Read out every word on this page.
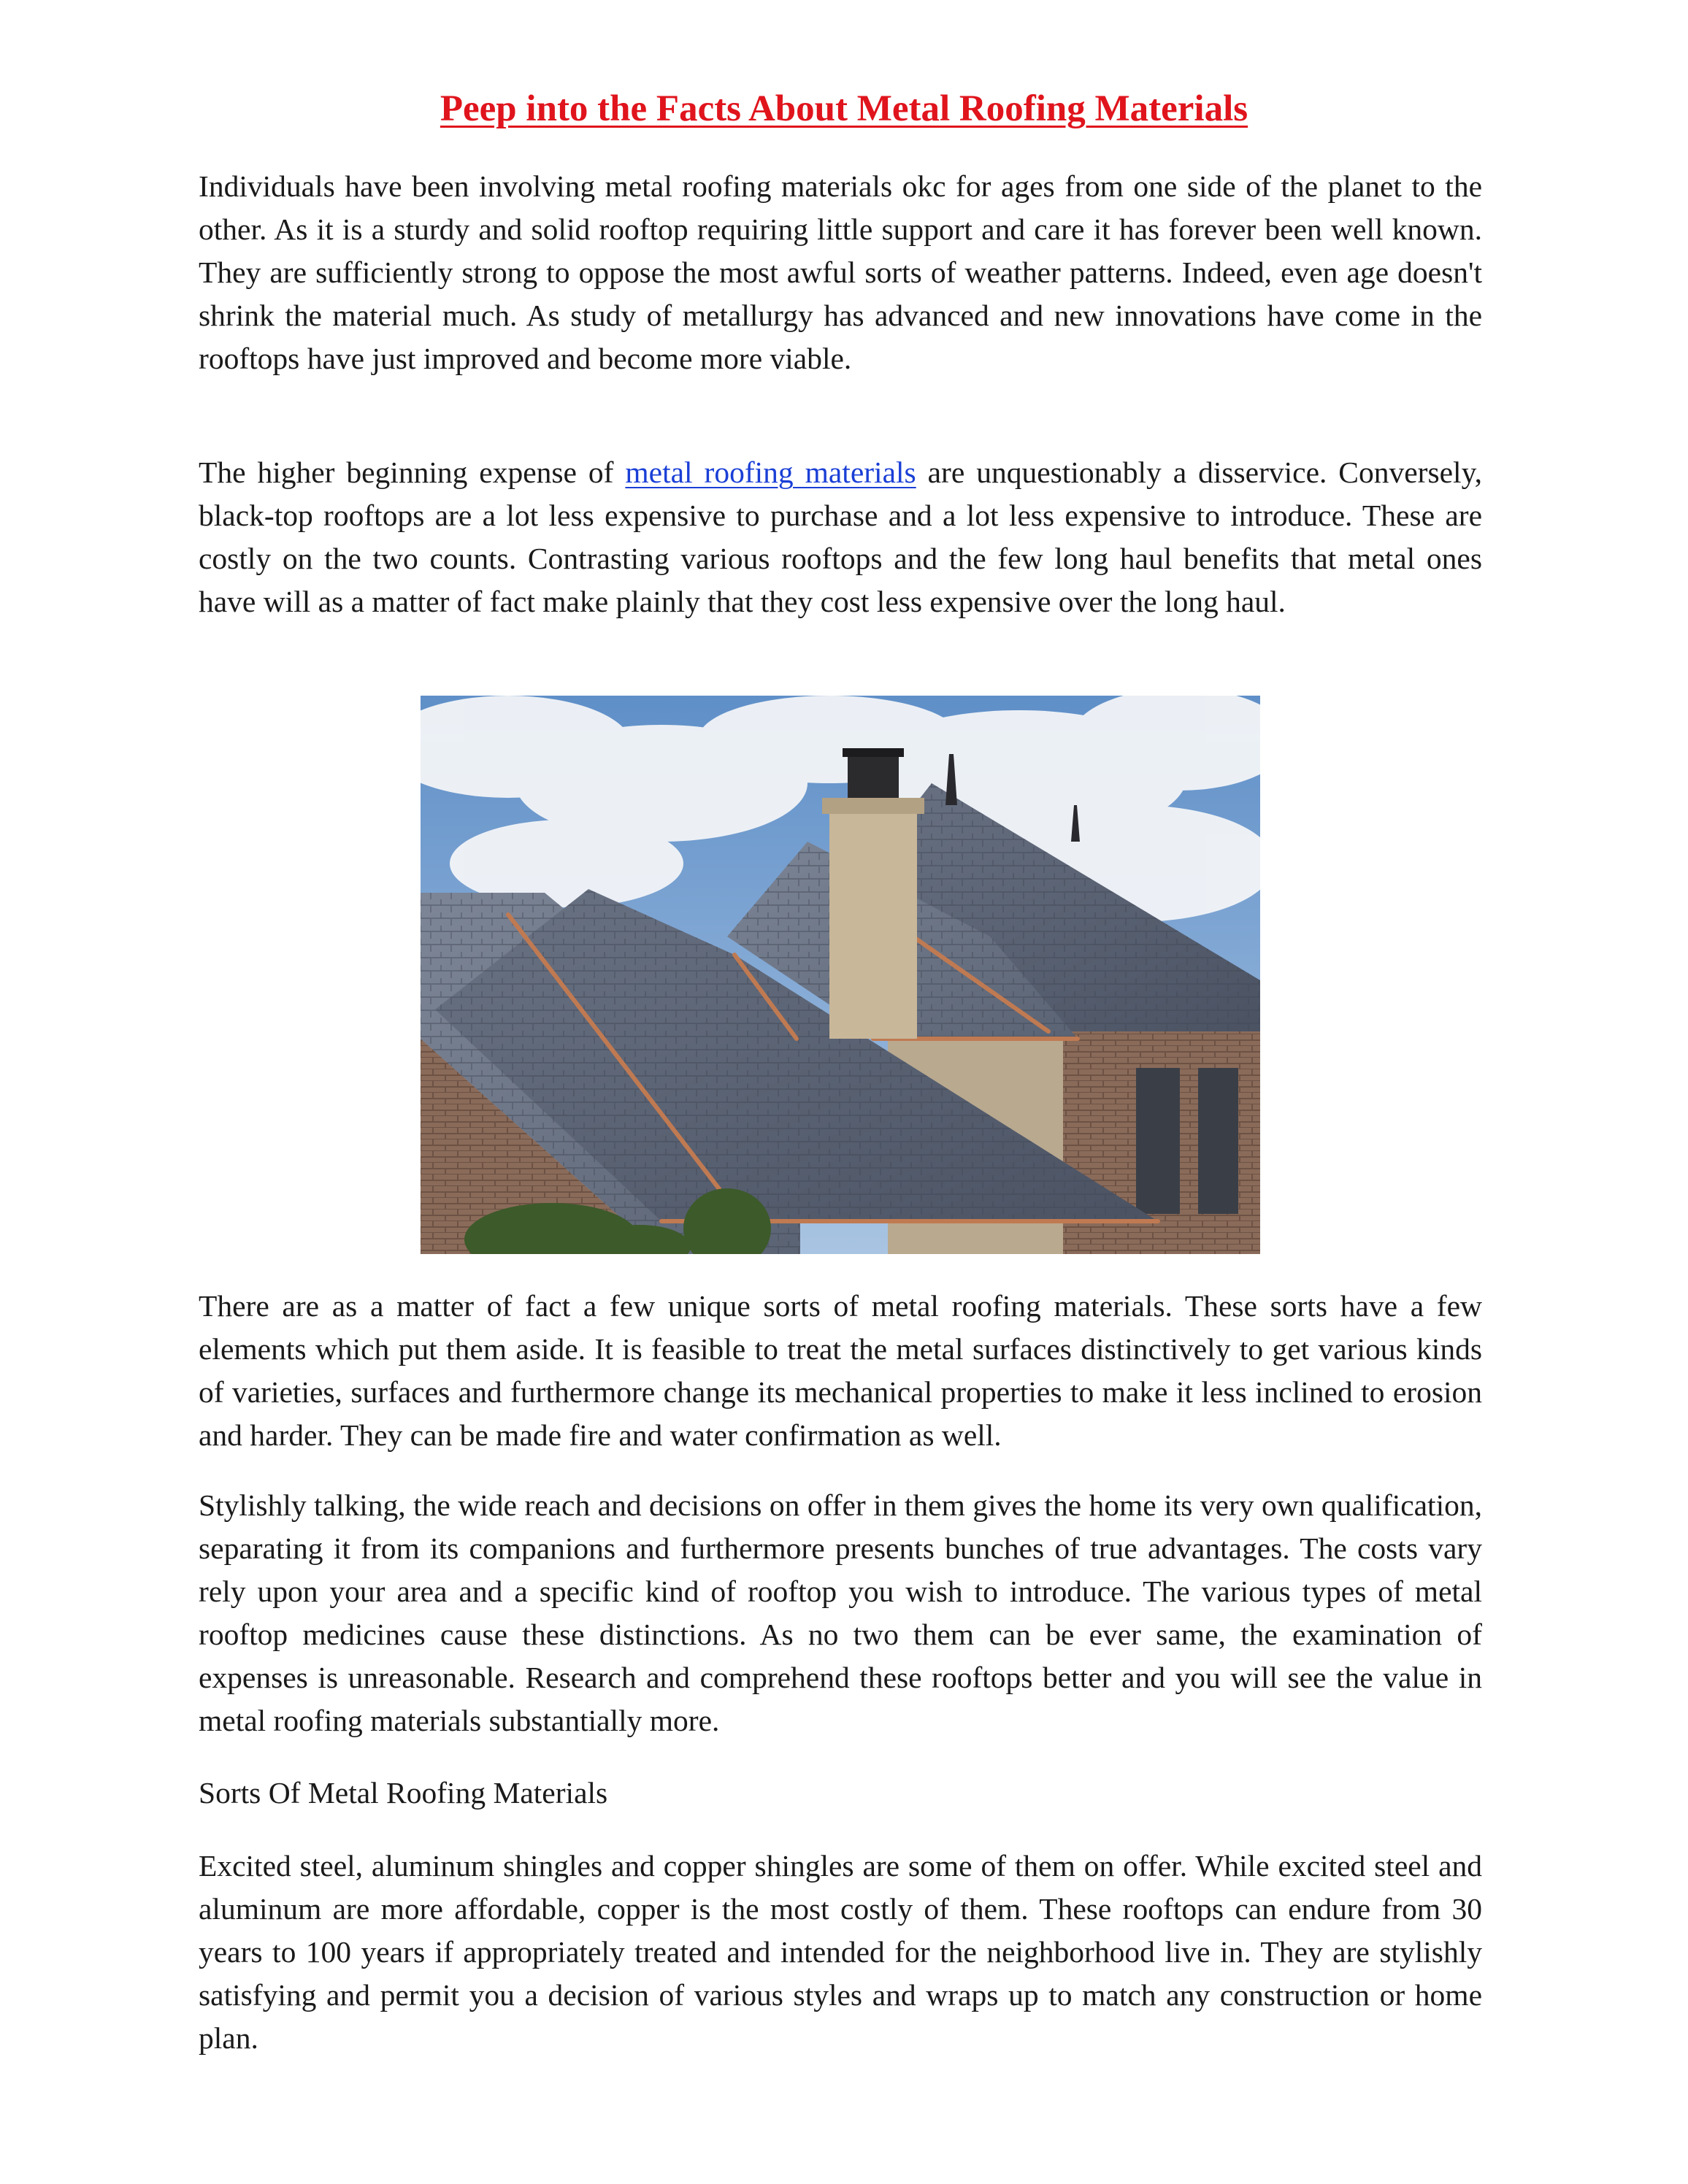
Peep into the Facts About Metal Roofing Materials

Individuals have been involving metal roofing materials okc for ages from one side of the planet to the other. As it is a sturdy and solid rooftop requiring little support and care it has forever been well known. They are sufficiently strong to oppose the most awful sorts of weather patterns. Indeed, even age doesn't shrink the material much. As study of metallurgy has advanced and new innovations have come in the rooftops have just improved and become more viable.

The higher beginning expense of metal roofing materials are unquestionably a disservice. Conversely, black-top rooftops are a lot less expensive to purchase and a lot less expensive to introduce. These are costly on the two counts. Contrasting various rooftops and the few long haul benefits that metal ones have will as a matter of fact make plainly that they cost less expensive over the long haul.

There are as a matter of fact a few unique sorts of metal roofing materials. These sorts have a few elements which put them aside. It is feasible to treat the metal surfaces distinctively to get various kinds of varieties, surfaces and furthermore change its mechanical properties to make it less inclined to erosion and harder. They can be made fire and water confirmation as well.

Stylishly talking, the wide reach and decisions on offer in them gives the home its very own qualification, separating it from its companions and furthermore presents bunches of true advantages. The costs vary rely upon your area and a specific kind of rooftop you wish to introduce. The various types of metal rooftop medicines cause these distinctions. As no two them can be ever same, the examination of expenses is unreasonable. Research and comprehend these rooftops better and you will see the value in metal roofing materials substantially more.

Sorts Of Metal Roofing Materials

Excited steel, aluminum shingles and copper shingles are some of them on offer. While excited steel and aluminum are more affordable, copper is the most costly of them. These rooftops can endure from 30 years to 100 years if appropriately treated and intended for the neighborhood live in. They are stylishly satisfying and permit you a decision of various styles and wraps up to match any construction or home plan.
